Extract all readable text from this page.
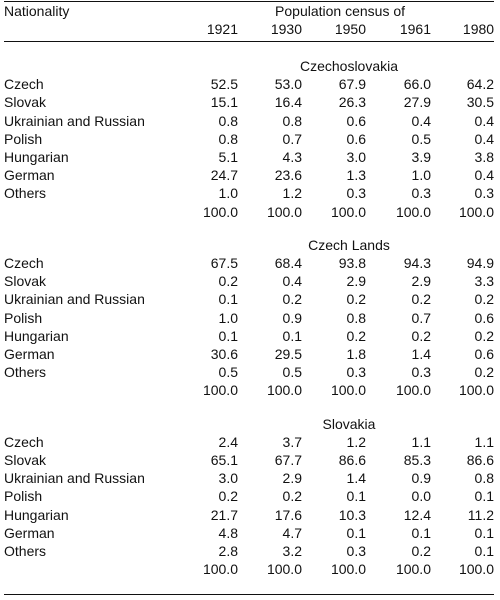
Nationality	Population census of				
	1921	1930	1950	1961	1980

	Czechoslovakia				
Czech	52.5	53.0	67.9	66.0	64.2
Slovak	15.1	16.4	26.3	27.9	30.5
Ukrainian and Russian	0.8	0.8	0.6	0.4	0.4
Polish	0.8	0.7	0.6	0.5	0.4
Hungarian	5.1	4.3	3.0	3.9	3.8
German	24.7	23.6	1.3	1.0	0.4
Others	1.0	1.2	0.3	0.3	0.3
	100.0	100.0	100.0	100.0	100.0

	Czech Lands				
Czech	67.5	68.4	93.8	94.3	94.9
Slovak	0.2	0.4	2.9	2.9	3.3
Ukrainian and Russian	0.1	0.2	0.2	0.2	0.2
Polish	1.0	0.9	0.8	0.7	0.6
Hungarian	0.1	0.1	0.2	0.2	0.2
German	30.6	29.5	1.8	1.4	0.6
Others	0.5	0.5	0.3	0.3	0.2
	100.0	100.0	100.0	100.0	100.0

	Slovakia				
Czech	2.4	3.7	1.2	1.1	1.1
Slovak	65.1	67.7	86.6	85.3	86.6
Ukrainian and Russian	3.0	2.9	1.4	0.9	0.8
Polish	0.2	0.2	0.1	0.0	0.1
Hungarian	21.7	17.6	10.3	12.4	11.2
German	4.8	4.7	0.1	0.1	0.1
Others	2.8	3.2	0.3	0.2	0.1
	100.0	100.0	100.0	100.0	100.0
